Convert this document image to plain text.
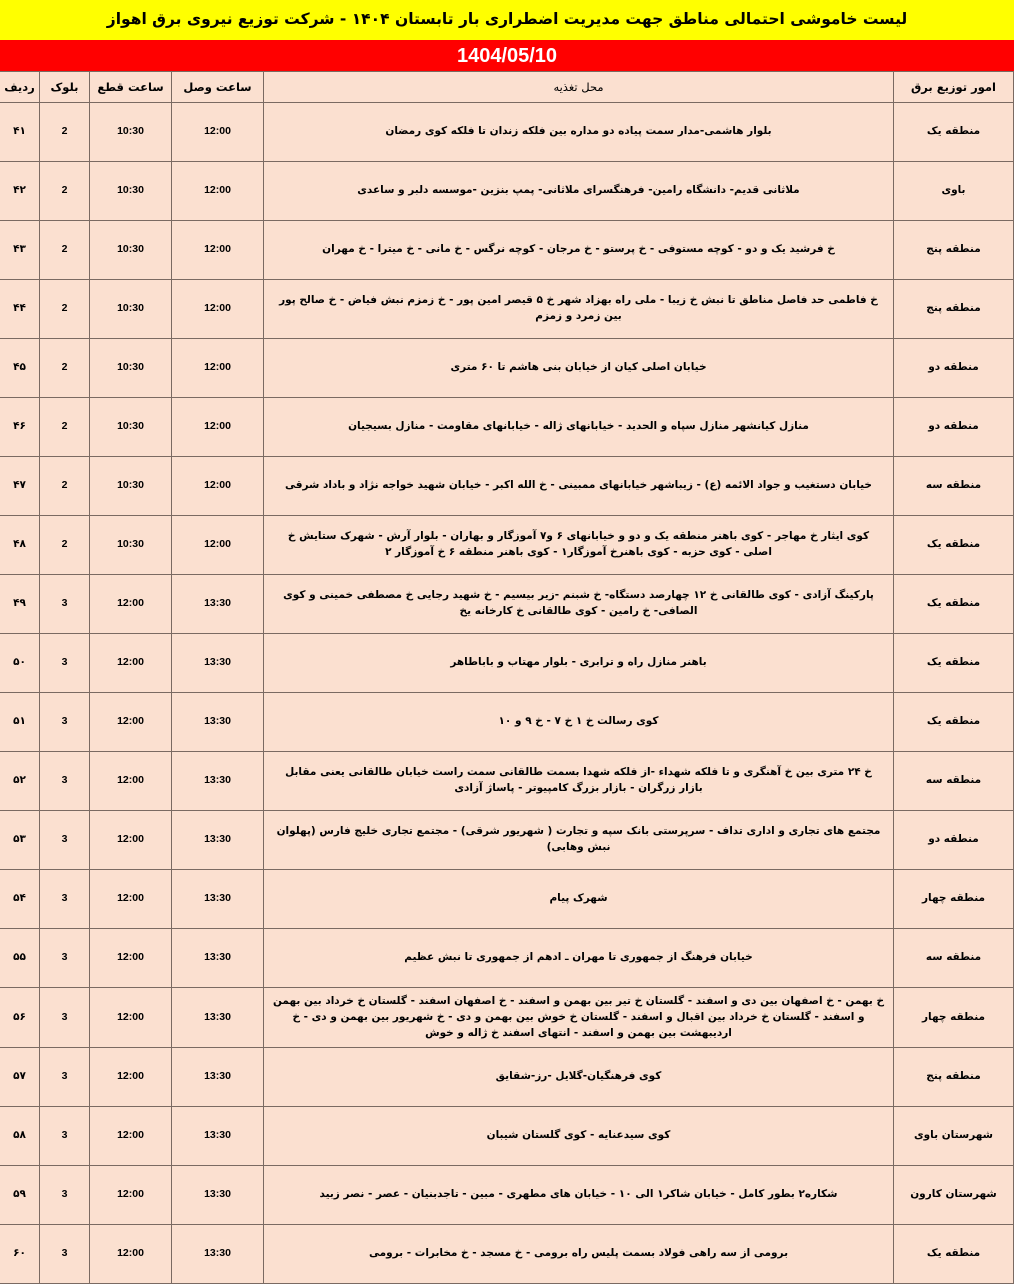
لیست خاموشی احتمالی مناطق جهت مدیریت اضطراری بار تابستان ۱۴۰۴ - شرکت توزیع نیروی برق اهواز
1404/05/10
امور توزیع برق	محل تغذیه	ساعت وصل	ساعت قطع	بلوک	ردیف
منطقه یک	بلوار هاشمی-مدار سمت پیاده دو مداره بین فلکه زندان تا فلکه کوی رمضان	12:00	10:30	2	۴۱
باوی	ملاثانی قدیم- دانشگاه رامین- فرهنگسرای ملاثانی- پمپ بنزین -موسسه دلبر و ساعدی	12:00	10:30	2	۴۲
منطقه پنج	خ فرشید یک و دو - کوچه مستوفی - خ پرستو - خ مرجان - کوچه نرگس - خ مانی - خ میترا - خ مهران	12:00	10:30	2	۴۳
منطقه پنج	خ فاطمی حد فاصل مناطق تا نبش خ زیبا - ملی راه بهزاد شهر خ ۵ قیصر امین پور - خ زمزم نبش فیاض - خ صالح پور بین زمرد و زمزم	12:00	10:30	2	۴۴
منطقه دو	خیابان اصلی کیان از خیابان بنی هاشم تا ۶۰ متری	12:00	10:30	2	۴۵
منطقه دو	منازل کیانشهر منازل سپاه و الحدید - خیابانهای ژاله - خیابانهای مقاومت - منازل بسیجیان	12:00	10:30	2	۴۶
منطقه سه	خیابان دستغیب و جواد الائمه (ع) - زیباشهر خیابانهای ممبینی - خ الله اکبر - خیابان شهید خواجه نژاد و باداد شرقی	12:00	10:30	2	۴۷
منطقه یک	کوی ایثار خ مهاجر - کوی باهنر منطقه یک و دو و خیابانهای ۶ و۷ آموزگار و بهاران - بلوار آرش - شهرک ستایش خ اصلی - کوی حزبه - کوی باهنرخ آموزگار۱ - کوی باهنر منطقه ۶ خ آموزگار ۲	12:00	10:30	2	۴۸
منطقه یک	پارکینگ آزادی - کوی طالقانی خ ۱۲ چهارصد دستگاه- خ شبنم -زیر بیسیم - خ شهید رجایی خ مصطفی خمینی و کوی الصافی- خ رامین - کوی طالقانی خ کارخانه یخ	13:30	12:00	3	۴۹
منطقه یک	باهنر منازل راه و ترابری - بلوار مهتاب و باباطاهر	13:30	12:00	3	۵۰
منطقه یک	کوی رسالت خ ۱ خ ۷ - خ ۹ و ۱۰	13:30	12:00	3	۵۱
منطقه سه	خ ۲۴ متری بین خ آهنگری و تا فلکه شهداء -از فلکه شهدا بسمت طالقانی سمت راست خیابان طالقانی یعنی مقابل بازار زرگران - بازار بزرگ کامپیوتر - پاساژ آزادی	13:30	12:00	3	۵۲
منطقه دو	مجتمع های تجاری و اداری تداف - سرپرستی بانک سپه و تجارت ( شهریور شرقی) - مجتمع تجاری خلیج فارس (پهلوان نبش وهابی)	13:30	12:00	3	۵۳
منطقه چهار	شهرک پیام	13:30	12:00	3	۵۴
منطقه سه	خیابان فرهنگ از جمهوری تا مهران ـ ادهم از جمهوری تا نبش عظیم	13:30	12:00	3	۵۵
منطقه چهار	خ بهمن - خ اصفهان بین دی و اسفند - گلستان خ تیر بین بهمن و اسفند - خ اصفهان اسفند - گلستان خ خرداد بین بهمن و اسفند - گلستان خ خرداد بین اقبال و اسفند - گلستان خ خوش بین بهمن و دی - خ شهریور بین بهمن و دی - خ اردیبهشت بین بهمن و اسفند - انتهای اسفند خ ژاله و خوش	13:30	12:00	3	۵۶
منطقه پنج	کوی فرهنگیان-گلایل -رز-شقایق	13:30	12:00	3	۵۷
شهرستان باوی	کوی سیدعنایه - کوی گلستان شیبان	13:30	12:00	3	۵۸
شهرستان کارون	شکاره۲ بطور کامل - خیابان شاکر۱ الی ۱۰ - خیابان های مطهری - مبین - تاجدبنیان - عصر - نصر زبید	13:30	12:00	3	۵۹
منطقه یک	برومی از سه راهی فولاد بسمت پلیس راه برومی - خ مسجد - خ مخابرات - برومی	13:30	12:00	3	۶۰
